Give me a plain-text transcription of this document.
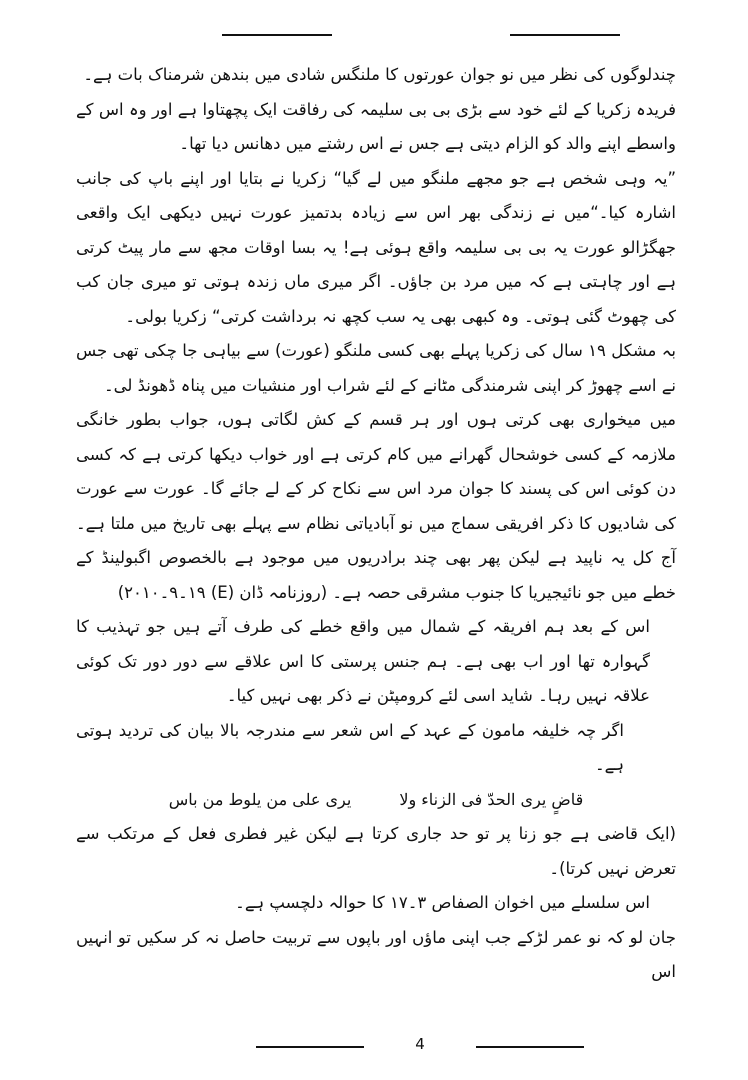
چندلوگوں کی نظر میں نو جوان عورتوں کا ملنگس شادی میں بندھن شرمناک بات ہے۔

فریدہ زکریا کے لئے خود سے بڑی بی بی سلیمہ کی رفاقت ایک پچھتاوا ہے اور وہ اس کے واسطے اپنے والد کو الزام دیتی ہے جس نے اس رشتے میں دھانس دیا تھا۔

”یہ وہی شخص ہے جو مجھے ملنگو میں لے گیا“ زکریا نے بتایا اور اپنے باپ کی جانب اشارہ کیا۔“میں نے زندگی بھر اس سے زیادہ بدتمیز عورت نہیں دیکھی ایک واقعی جھگڑالو عورت یہ بی بی سلیمہ واقع ہوئی ہے! یہ بسا اوقات مجھ سے مار پیٹ کرتی ہے اور چاہتی ہے کہ میں مرد بن جاؤں۔ اگر میری ماں زندہ ہوتی تو میری جان کب کی چھوٹ گئی ہوتی۔ وہ کبھی بھی یہ سب کچھ نہ برداشت کرتی“ زکریا بولی۔

بہ مشکل ۱۹ سال کی زکریا پہلے بھی کسی ملنگو (عورت) سے بیاہی جا چکی تھی جس نے اسے چھوڑ کر اپنی شرمندگی مٹانے کے لئے شراب اور منشیات میں پناہ ڈھونڈ لی۔

میں میخواری بھی کرتی ہوں اور ہر قسم کے کش لگاتی ہوں، جواب بطور خانگی ملازمہ کے کسی خوشحال گھرانے میں کام کرتی ہے اور خواب دیکھا کرتی ہے کہ کسی دن کوئی اس کی پسند کا جوان مرد اس سے نکاح کر کے لے جائے گا۔ عورت سے عورت کی شادیوں کا ذکر افریقی سماج میں نو آبادیاتی نظام سے پہلے بھی تاریخ میں ملتا ہے۔ آج کل یہ ناپید ہے لیکن پھر بھی چند برادریوں میں موجود ہے بالخصوص اگبولینڈ کے خطے میں جو نائیجیریا کا جنوب مشرقی حصہ ہے۔ (روزنامہ ڈان (E) ۱۹۔۹۔۲۰۱۰)

اس کے بعد ہم افریقہ کے شمال میں واقع خطے کی طرف آتے ہیں جو تہذیب کا گہوارہ تھا اور اب بھی ہے۔ ہم جنس پرستی کا اس علاقے سے دور دور تک کوئی علاقہ نہیں رہا۔ شاید اسی لئے کرومپٹن نے ذکر بھی نہیں کیا۔

اگر چہ خلیفہ مامون کے عہد کے اس شعر سے مندرجہ بالا بیان کی تردید ہوتی ہے۔

قاضٍ یری الحدّ فی الزناء ولا
یری علی من یلوط من باس

(ایک قاضی ہے جو زنا پر تو حد جاری کرتا ہے لیکن غیر فطری فعل کے مرتکب سے تعرض نہیں کرتا)۔

اس سلسلے میں اخوان الصفاص ۳۔۱۷ کا حوالہ دلچسپ ہے۔

جان لو کہ نو عمر لڑکے جب اپنی ماؤں اور باپوں سے تربیت حاصل نہ کر سکیں تو انہیں اس

4
